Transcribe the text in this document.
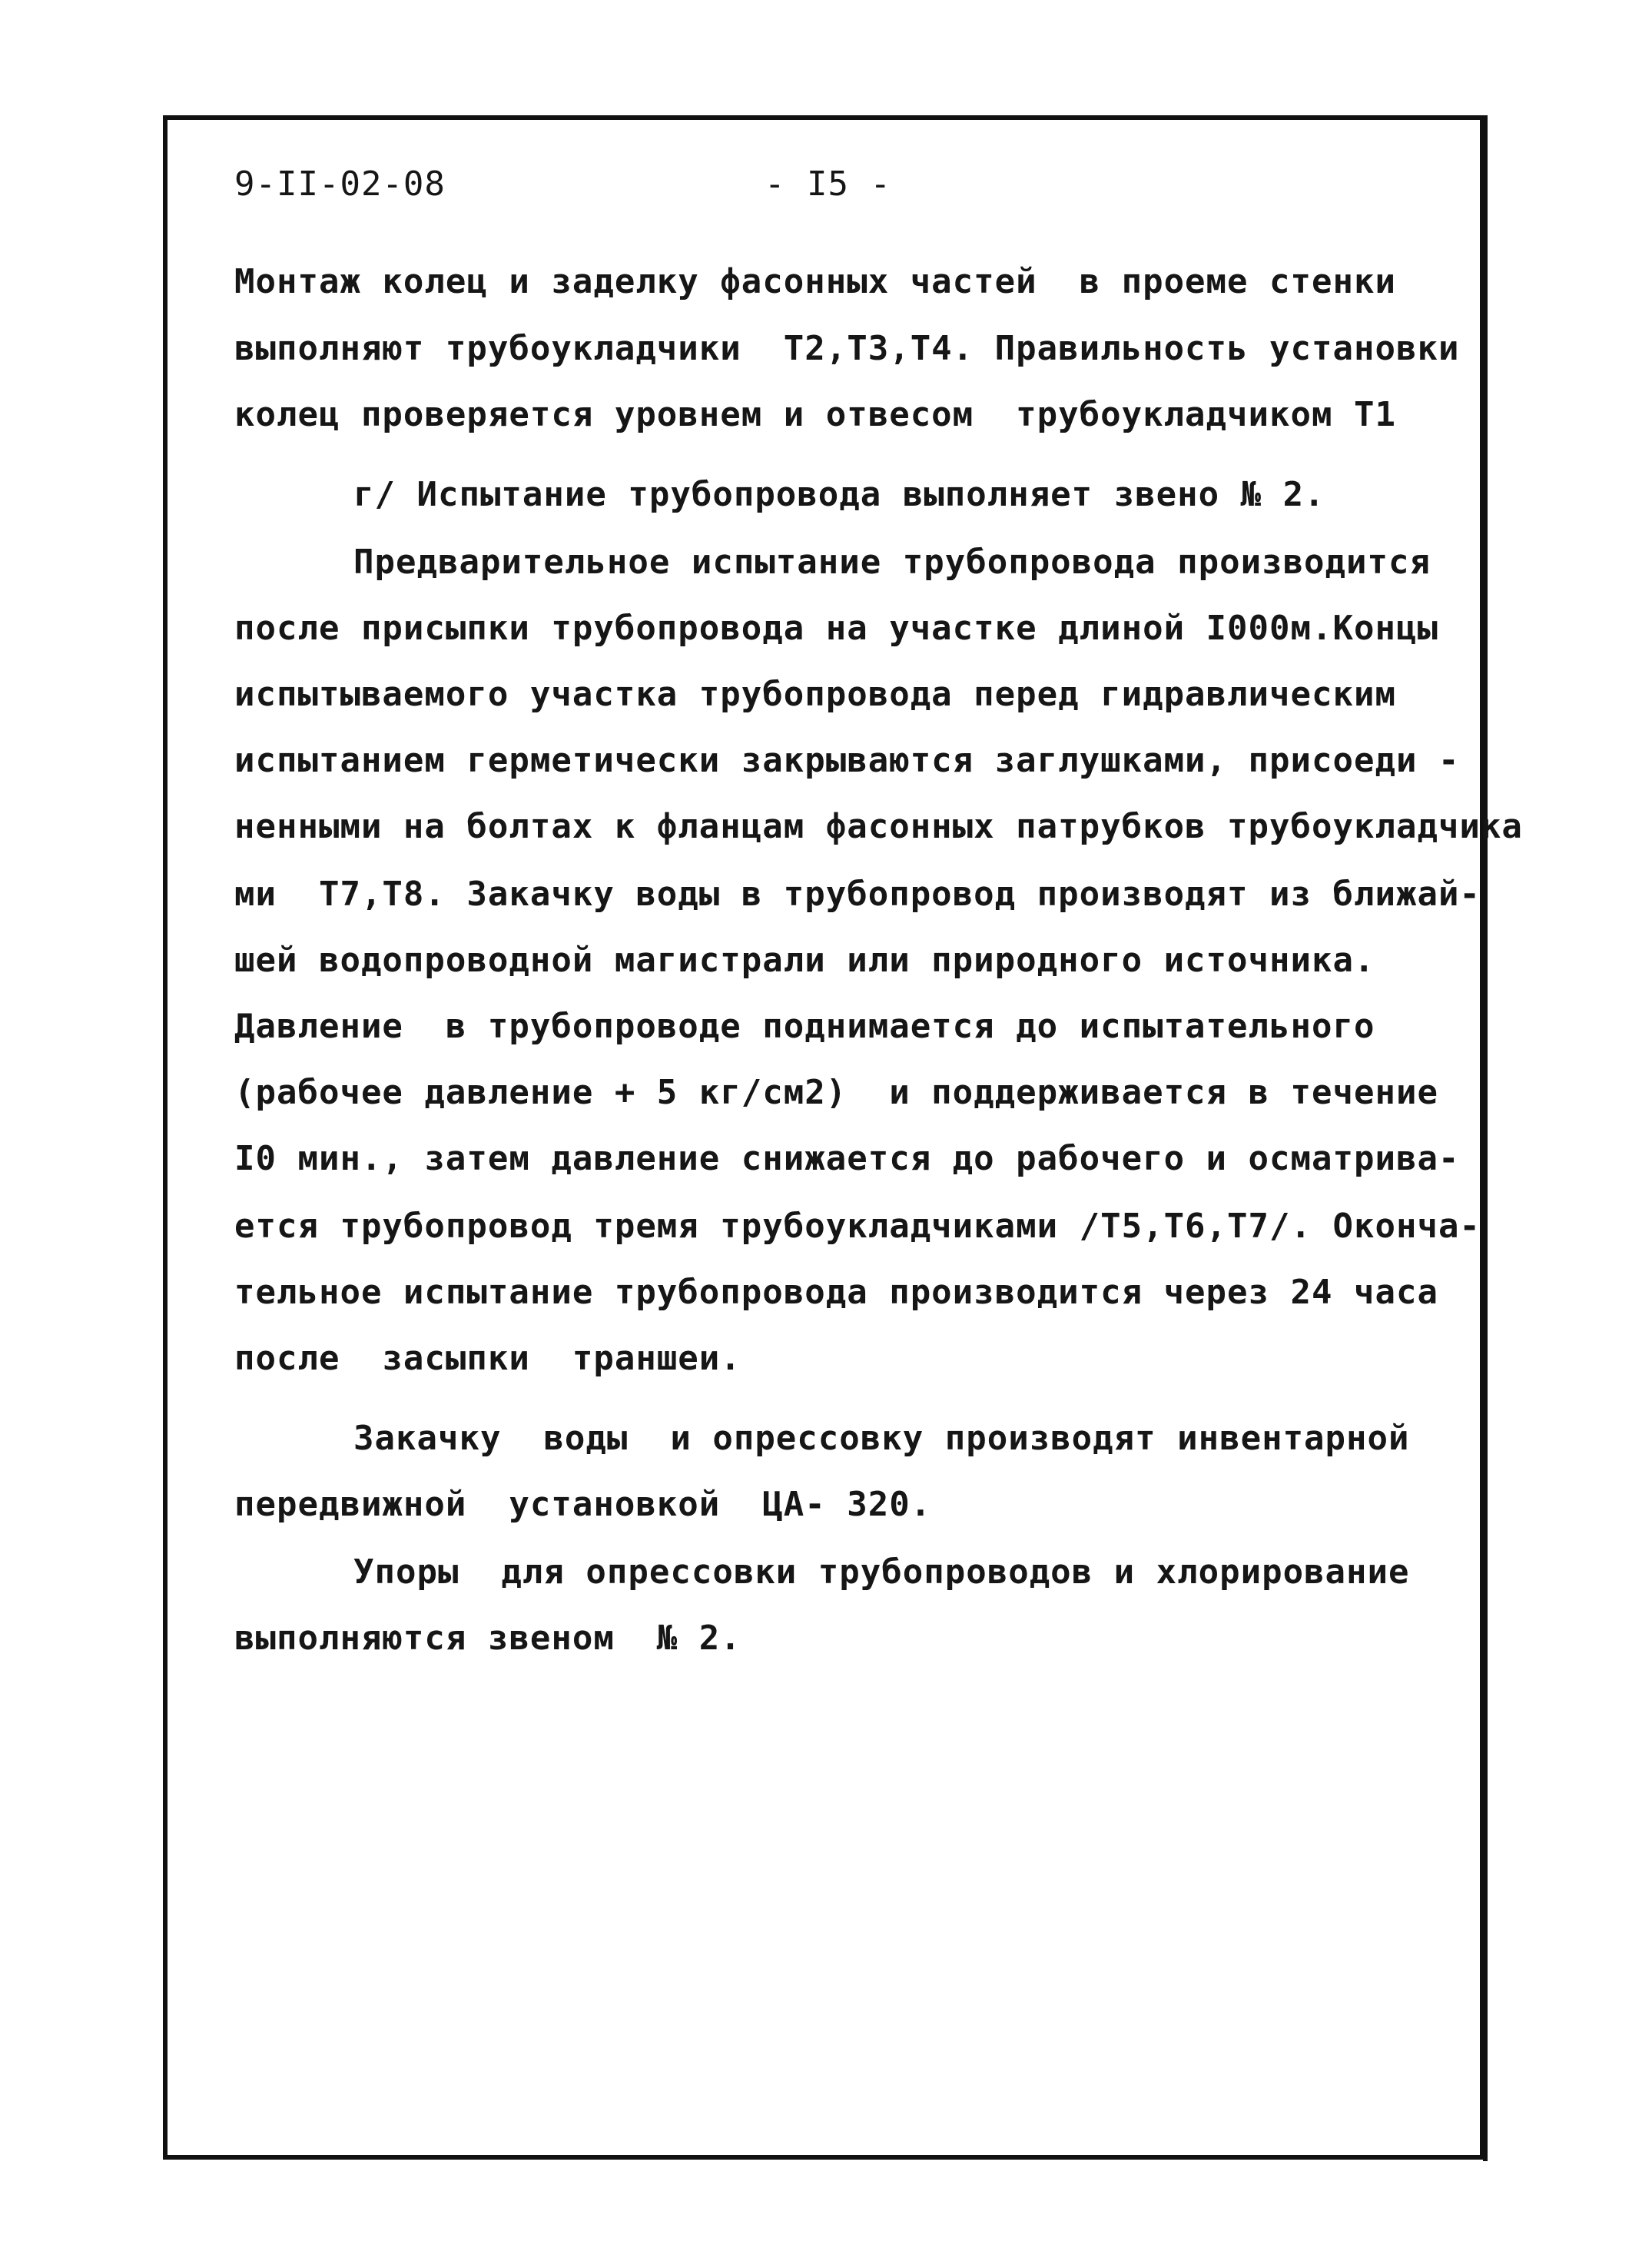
9-II-02-08	- I5 -
Монтаж колец и заделку фасонных частей  в проеме стенки
выполняют трубоукладчики  T2,T3,T4. Правильность установки
колец проверяется уровнем и отвесом  трубоукладчиком T1
г/ Испытание трубопровода выполняет звено № 2.
Предварительное испытание трубопровода производится
после присыпки трубопровода на участке длиной I000м.Концы
испытываемого участка трубопровода перед гидравлическим
испытанием герметически закрываются заглушками, присоеди -
ненными на болтах к фланцам фасонных патрубков трубоукладчика
ми  T7,T8. Закачку воды в трубопровод производят из ближай-
шей водопроводной магистрали или природного источника.
Давление  в трубопроводе поднимается до испытательного
(рабочее давление + 5 кг/см2)  и поддерживается в течение
I0 мин., затем давление снижается до рабочего и осматрива-
ется трубопровод тремя трубоукладчиками /T5,T6,T7/. Оконча-
тельное испытание трубопровода производится через 24 часа
после  засыпки  траншеи.
Закачку  воды  и опрессовку производят инвентарной
передвижной  установкой  ЦА- 320.
Упоры  для опрессовки трубопроводов и хлорирование
выполняются звеном  № 2.
